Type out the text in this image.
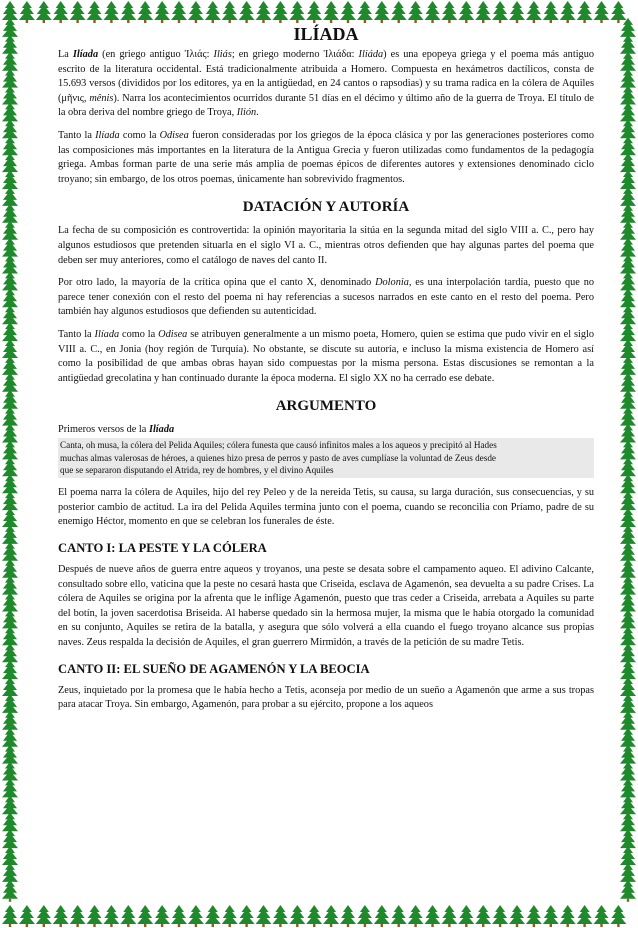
ILÍADA

La Ilíada (en griego antiguo Ἰλιάς: Iliás; en griego moderno Ἰλιάδα: Iliáda) es una epopeya griega y el poema más antiguo escrito de la literatura occidental. Está tradicionalmente atribuida a Homero. Compuesta en hexámetros dactílicos, consta de 15.693 versos (divididos por los editores, ya en la antigüedad, en 24 cantos o rapsodias) y su trama radica en la cólera de Aquiles (μῆνις, mênis). Narra los acontecimientos ocurridos durante 51 días en el décimo y último año de la guerra de Troya. El título de la obra deriva del nombre griego de Troya, Ilión.

Tanto la Ilíada como la Odisea fueron consideradas por los griegos de la época clásica y por las generaciones posteriores como las composiciones más importantes en la literatura de la Antigua Grecia y fueron utilizadas como fundamentos de la pedagogía griega. Ambas forman parte de una serie más amplia de poemas épicos de diferentes autores y extensiones denominado ciclo troyano; sin embargo, de los otros poemas, únicamente han sobrevivido fragmentos.

DATACIÓN Y AUTORÍA

La fecha de su composición es controvertida: la opinión mayoritaria la sitúa en la segunda mitad del siglo VIII a. C., pero hay algunos estudiosos que pretenden situarla en el siglo VI a. C., mientras otros defienden que hay algunas partes del poema que deben ser muy anteriores, como el catálogo de naves del canto II.

Por otro lado, la mayoría de la crítica opina que el canto X, denominado Dolonia, es una interpolación tardía, puesto que no parece tener conexión con el resto del poema ni hay referencias a sucesos narrados en este canto en el resto del poema. Pero también hay algunos estudiosos que defienden su autenticidad.

Tanto la Ilíada como la Odisea se atribuyen generalmente a un mismo poeta, Homero, quien se estima que pudo vivir en el siglo VIII a. C., en Jonia (hoy región de Turquía). No obstante, se discute su autoría, e incluso la misma existencia de Homero así como la posibilidad de que ambas obras hayan sido compuestas por la misma persona. Estas discusiones se remontan a la antigüedad grecolatina y han continuado durante la época moderna. El siglo XX no ha cerrado ese debate.

ARGUMENTO
Primeros versos de la Ilíada
Canta, oh musa, la cólera del Pelida Aquiles; cólera funesta que causó infinitos males a los aqueos y precipitó al Hades
muchas almas valerosas de héroes, a quienes hizo presa de perros y pasto de aves cumplíase la voluntad de Zeus desde
que se separaron disputando el Atrida, rey de hombres, y el divino Aquiles

El poema narra la cólera de Aquiles, hijo del rey Peleo y de la nereida Tetis, su causa, su larga duración, sus consecuencias, y su posterior cambio de actitud. La ira del Pelida Aquiles termina junto con el poema, cuando se reconcilia con Príamo, padre de su enemigo Héctor, momento en que se celebran los funerales de éste.

CANTO I: LA PESTE Y LA CÓLERA

Después de nueve años de guerra entre aqueos y troyanos, una peste se desata sobre el campamento aqueo. El adivino Calcante, consultado sobre ello, vaticina que la peste no cesará hasta que Criseida, esclava de Agamenón, sea devuelta a su padre Crises. La cólera de Aquiles se origina por la afrenta que le inflige Agamenón, puesto que tras ceder a Criseida, arrebata a Aquiles su parte del botín, la joven sacerdotisa Briseida. Al haberse quedado sin la hermosa mujer, la misma que le había otorgado la comunidad en su conjunto, Aquiles se retira de la batalla, y asegura que sólo volverá a ella cuando el fuego troyano alcance sus propias naves. Zeus respalda la decisión de Aquiles, el gran guerrero Mirmidón, a través de la petición de su madre Tetis.

CANTO II: EL SUEÑO DE AGAMENÓN Y LA BEOCIA

Zeus, inquietado por la promesa que le había hecho a Tetis, aconseja por medio de un sueño a Agamenón que arme a sus tropas para atacar Troya. Sin embargo, Agamenón, para probar a su ejército, propone a los aqueos
